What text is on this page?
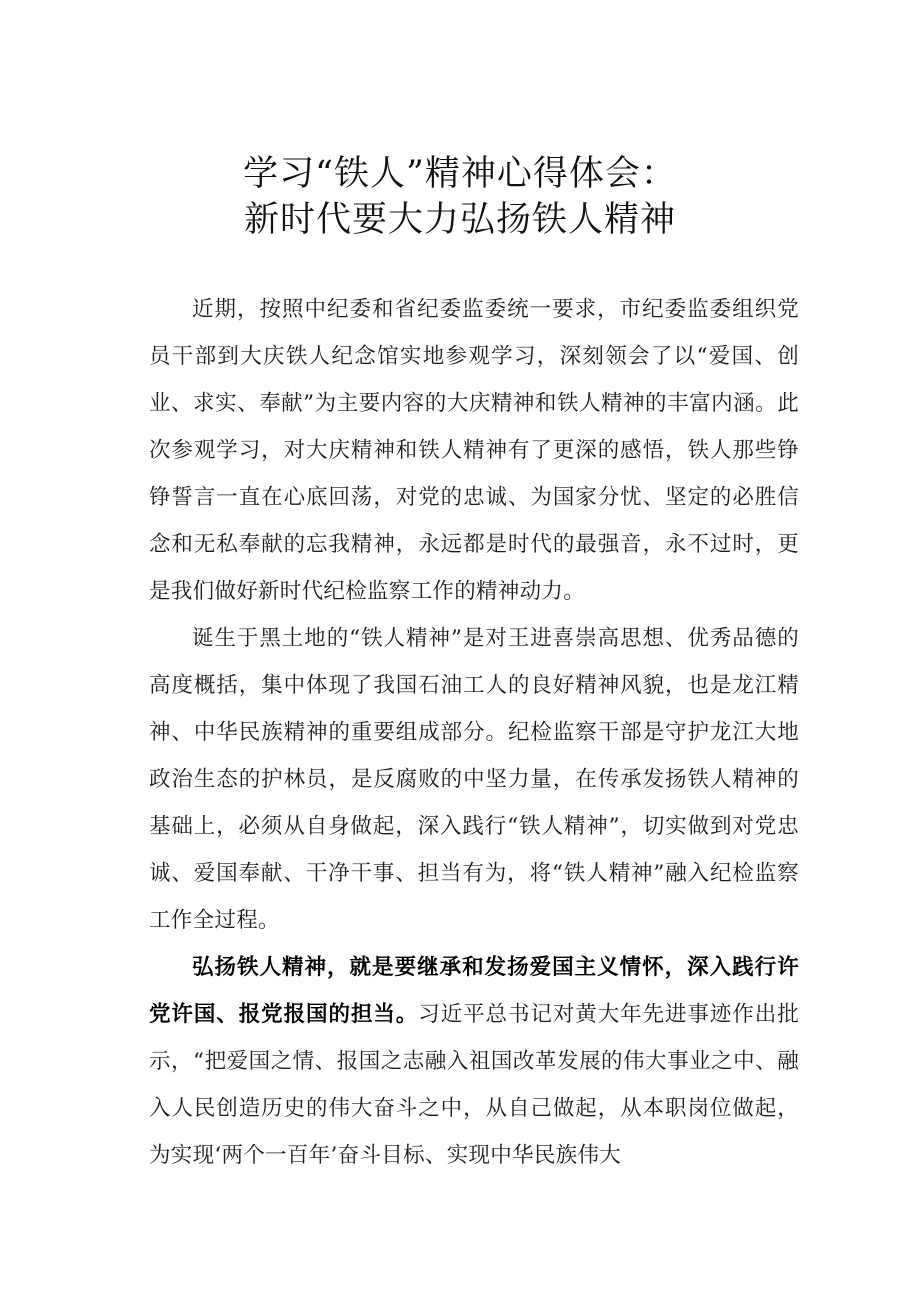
学习“铁人”精神心得体会：
新时代要大力弘扬铁人精神

近期，按照中纪委和省纪委监委统一要求，市纪委监委组织党员干部到大庆铁人纪念馆实地参观学习，深刻领会了以“爱国、创业、求实、奉献”为主要内容的大庆精神和铁人精神的丰富内涵。此次参观学习，对大庆精神和铁人精神有了更深的感悟，铁人那些铮铮誓言一直在心底回荡，对党的忠诚、为国家分忧、坚定的必胜信念和无私奉献的忘我精神，永远都是时代的最强音，永不过时，更是我们做好新时代纪检监察工作的精神动力。

诞生于黑土地的“铁人精神”是对王进喜崇高思想、优秀品德的高度概括，集中体现了我国石油工人的良好精神风貌，也是龙江精神、中华民族精神的重要组成部分。纪检监察干部是守护龙江大地政治生态的护林员，是反腐败的中坚力量，在传承发扬铁人精神的基础上，必须从自身做起，深入践行“铁人精神”，切实做到对党忠诚、爱国奉献、干净干事、担当有为，将“铁人精神”融入纪检监察工作全过程。

弘扬铁人精神，就是要继承和发扬爱国主义情怀，深入践行许党许国、报党报国的担当。习近平总书记对黄大年先进事迹作出批示，“把爱国之情、报国之志融入祖国改革发展的伟大事业之中、融入人民创造历史的伟大奋斗之中，从自己做起，从本职岗位做起，为实现‘两个一百年’奋斗目标、实现中华民族伟大
